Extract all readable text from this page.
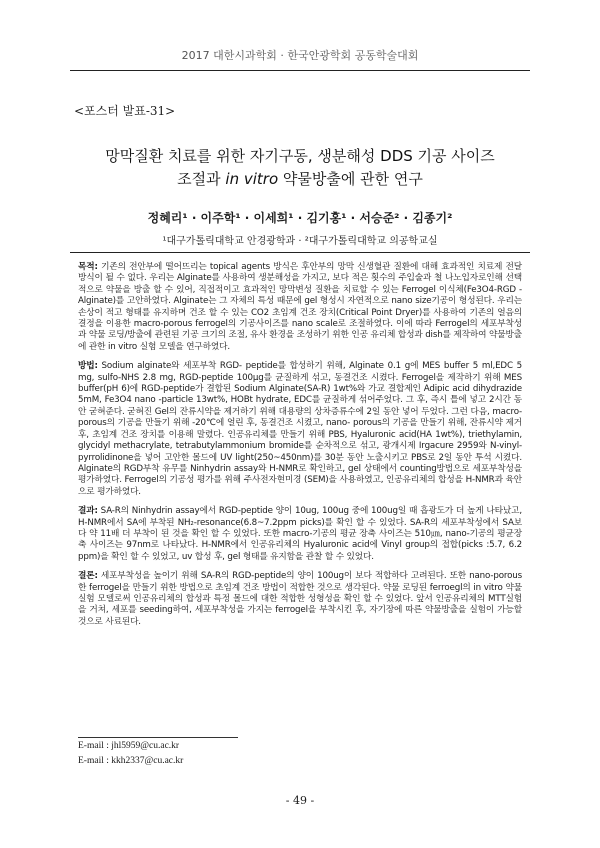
2017 대한시과학회 · 한국안광학회 공동학술대회
<포스터 발표-31>
망막질환 치료를 위한 자기구동, 생분해성 DDS 기공 사이즈
조절과 in vitro 약물방출에 관한 연구
정혜리¹ · 이주학¹ · 이세희¹ · 김기홍¹ · 서승준² · 김종기²
¹대구가톨릭대학교 안경광학과 · ²대구가톨릭대학교 의공학교실

목적: 기존의 전안부에 떨어뜨리는 topical agents 방식은 후안부의 망막 신생혈관 질환에 대해 효과적인 치료제 전달 방식이 될 수 없다. 우리는 Alginate를 사용하여 생분해성을 가지고, 보다 적은 횟수의 주입술과 철 나노입자로인해 선택적으로 약물을 방출 할 수 있어, 직접적이고 효과적인 망막변성 질환을 치료할 수 있는 Ferrogel 이식체(Fe3O4-RGD - Alginate)를 고안하였다. Alginate는 그 자체의 특성 때문에 gel 형성시 자연적으로 nano size기공이 형성된다. 우리는 손상이 적고 형태를 유지하며 건조 할 수 있는 CO2 초임계 건조 장치(Critical Point Dryer)를 사용하여 기존의 얼음의 결정을 이용한 macro-porous ferrogel의 기공사이즈를 nano scale로 조절하였다. 이에 따라 Ferrogel의 세포부착성과 약물 로딩/방출에 관련된 기공 크기의 조절, 유사 환경을 조성하기 위한 인공 유리체 합성과 dish를 제작하여 약물방출에 관한 in vitro 실험 모델을 연구하였다.

방법: Sodium alginate와 세포부착 RGD- peptide를 합성하기 위해, Alginate 0.1 g에 MES buffer 5 ml,EDC 5 mg, sulfo-NHS 2.8 mg, RGD-peptide 100μg를 균질하게 섞고, 동결건조 시켰다. Ferrogel을 제작하기 위해 MES buffer(pH 6)에 RGD-peptide가 결합된 Sodium Alginate(SA-R) 1wt%와 가교 결합제인 Adipic acid dihydrazide 5mM, Fe3O4 nano -particle 13wt%, HOBt hydrate, EDC를 균질하게 섞어주었다. 그 후, 즉시 틀에 넣고 2시간 동안 굳혀준다. 굳혀진 Gel의 잔류시약을 제거하기 위해 대용량의 상차증류수에 2일 동안 넣어 두었다. 그런 다음, macro-porous의 기공을 만들기 위해 -20℃에 얼린 후, 동결건조 시켰고, nano- porous의 기공을 만들기 위해, 잔류시약 제거 후, 초임계 건조 장치를 이용해 말렸다. 인공유리체를 만들기 위해 PBS, Hyaluronic acid(HA 1wt%), triethylamin, glycidyl methacrylate, tetrabutylammonium bromide를 순차적으로 섞고, 광개시제 Irgacure 2959와 N-vinyl-pyrrolidinone을 넣어 고안한 몰드에 UV light(250~450nm)를 30분 동안 노출시키고 PBS로 2일 동안 투석 시켰다. Alginate의 RGD부착 유무를 Ninhydrin assay와 H-NMR로 확인하고, gel 상태에서 counting방법으로 세포부착성을 평가하였다. Ferrogel의 기공성 평가를 위해 주사전자현미경 (SEM)을 사용하였고, 인공유리체의 합성을 H-NMR과 육안으로 평가하였다.

결과: SA-R의 Ninhydrin assay에서 RGD-peptide 양이 10ug, 100ug 중에 100ug일 때 흡광도가 더 높게 나타났고, H-NMR에서 SA에 부착된 NH₂-resonance(6.8~7.2ppm picks)를 확인 할 수 있었다. SA-R의 세포부착성에서 SA보다 약 11배 더 부착이 된 것을 확인 할 수 있었다. 또한 macro-기공의 평균 장축 사이즈는 510㎛, nano-기공의 평균장축 사이즈는 97nm로 나타났다. H-NMR에서 인공유리체의 Hyaluronic acid에 Vinyl group의 접합(picks :5.7, 6.2 ppm)을 확인 할 수 있었고, uv 합성 후, gel 형태를 유지함을 관찰 할 수 있었다.

결론: 세포부착성을 높이기 위해 SA-R의 RGD-peptide의 양이 100ug이 보다 적합하다 고려된다. 또한 nano-porous한 ferrogel을 만들기 위한 방법으로 초임계 건조 방법이 적합한 것으로 생각된다. 약물 로딩된 ferroegl의 in vitro 약물실험 모델로써 인공유리체의 합성과 특정 몰드에 대한 적합한 성형성을 확인 할 수 있었다. 앞서 인공유리체의 MTT실험을 거쳐, 세포를 seeding하여, 세포부착성을 가지는 ferrogel을 부착시킨 후, 자기장에 따른 약물방출을 실험이 가능할 것으로 사료된다.

E-mail : jhl5959@cu.ac.kr
E-mail : kkh2337@cu.ac.kr
- 49 -
